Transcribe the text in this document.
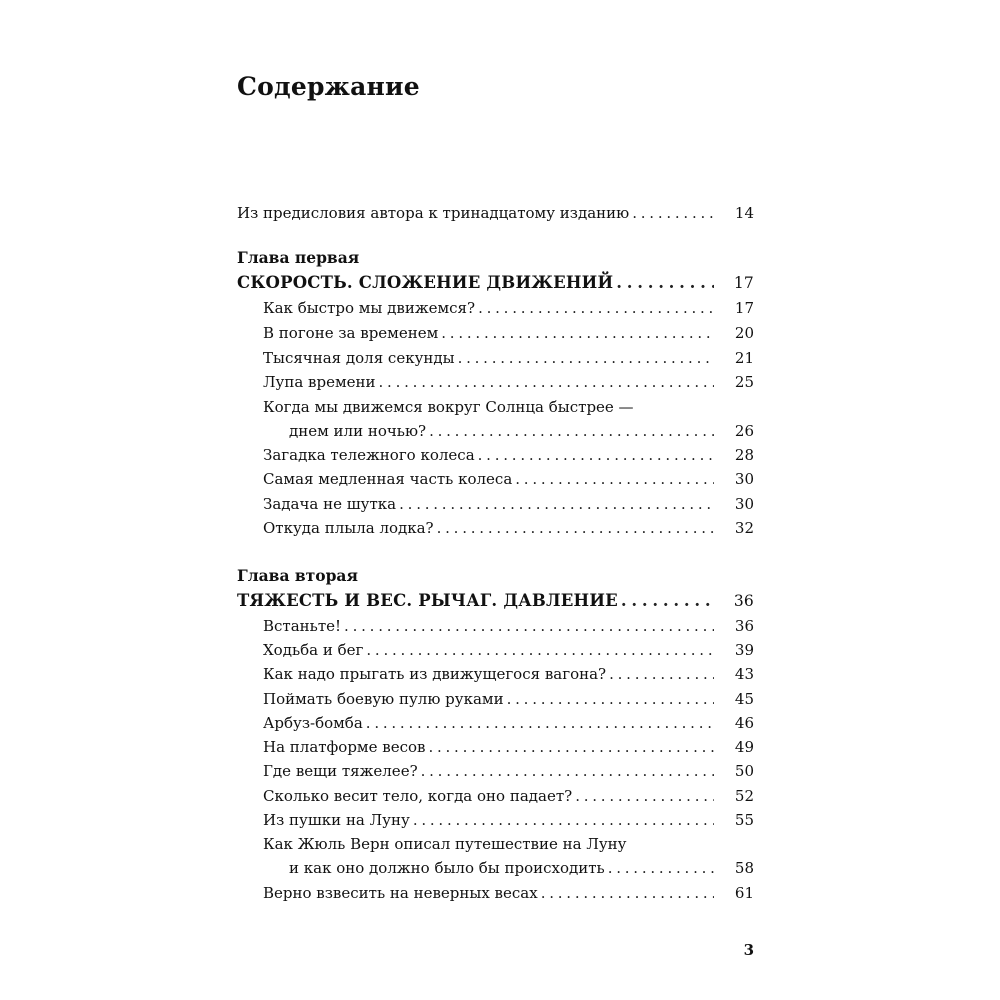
Содержание
Из предисловия автора к тринадцатому изданию . . .	14
Глава первая
СКОРОСТЬ. СЛОЖЕНИЕ ДВИЖЕНИЙ . . .	17
Как быстро мы движемся? . . .	17
В погоне за временем . . .	20
Тысячная доля секунды . . .	21
Лупа времени . . .	25
Когда мы движемся вокруг Солнца быстрее —
днем или ночью? . . .	26
Загадка тележного колеса . . .	28
Самая медленная часть колеса . . .	30
Задача не шутка . . .	30
Откуда плыла лодка? . . .	32
Глава вторая
ТЯЖЕСТЬ И ВЕС. РЫЧАГ. ДАВЛЕНИЕ . . .	36
Встаньте! . . .	36
Ходьба и бег . . .	39
Как надо прыгать из движущегося вагона? . . .	43
Поймать боевую пулю руками . . .	45
Арбуз-бомба . . .	46
На платформе весов . . .	49
Где вещи тяжелее? . . .	50
Сколько весит тело, когда оно падает? . . .	52
Из пушки на Луну . . .	55
Как Жюль Верн описал путешествие на Луну
и как оно должно было бы происходить . . .	58
Верно взвесить на неверных весах . . .	61
3
